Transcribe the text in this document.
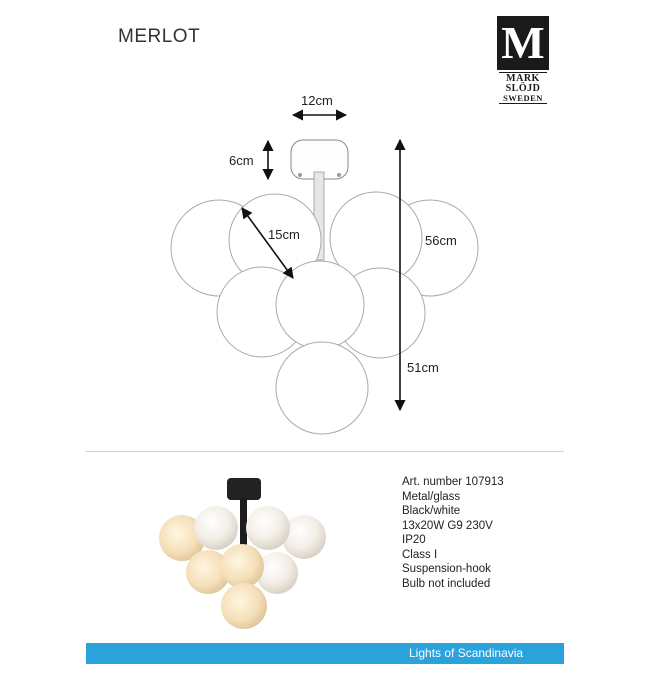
MERLOT	M
MARK
SLÖJD
SWEDEN
12cm
6cm
15cm	56cm
51cm
Art. number 107913
Metal/glass
Black/white
13x20W G9 230V
IP20
Class I
Suspension-hook
Bulb not included
Lights of Scandinavia
